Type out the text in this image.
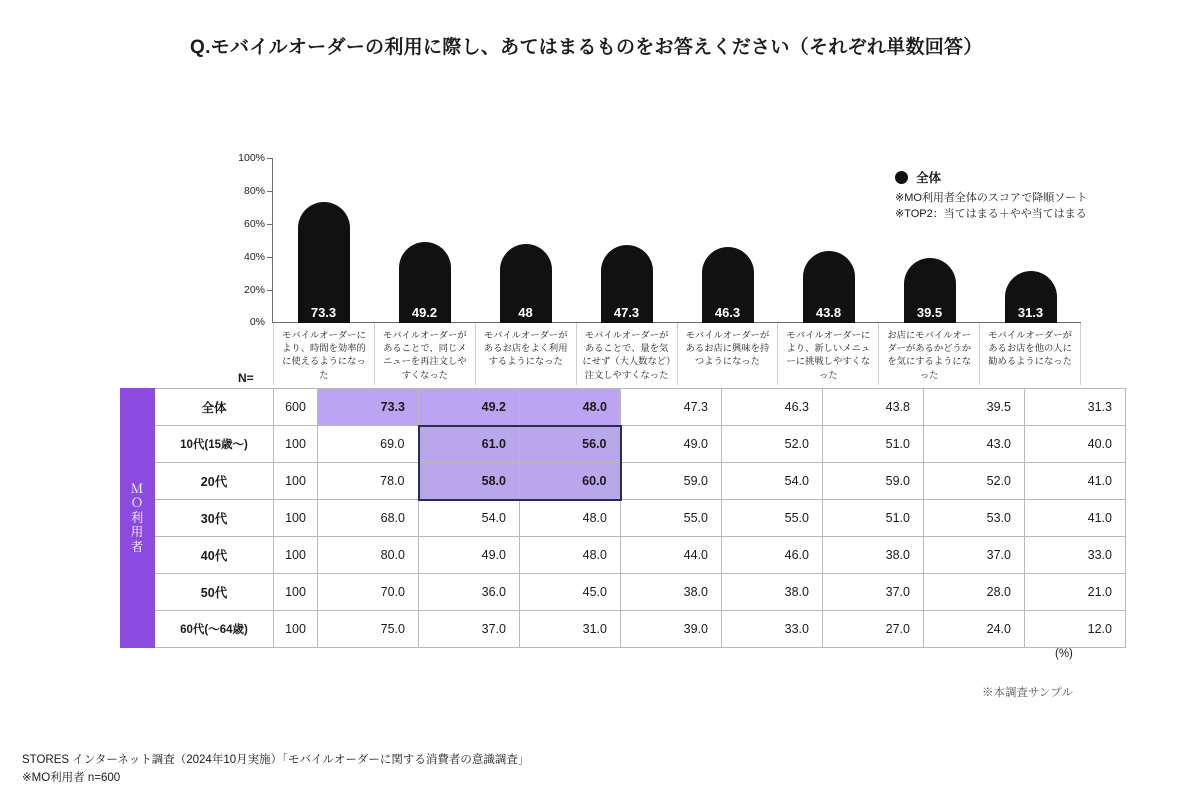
Q.モバイルオーダーの利用に際し、あてはまるものをお答えください（それぞれ単数回答）
100%
80%
60%
40%
20%
0%
73.3	49.2	48	47.3	46.3	43.8	39.5	31.3
全体
※MO利用者全体のスコアで降順ソート
※TOP2：当てはまる＋やや当てはまる
モバイルオーダーにより、時間を効率的に使えるようになった
モバイルオーダーがあることで、同じメニューを再注文しやすくなった
モバイルオーダーがあるお店をよく利用するようになった
モバイルオーダーがあることで、量を気にせず（大人数など）注文しやすくなった
モバイルオーダーがあるお店に興味を持つようになった
モバイルオーダーにより、新しいメニューに挑戦しやすくなった
お店にモバイルオーダーがあるかどうかを気にするようになった
モバイルオーダーがあるお店を他の人に勧めるようになった
N=
Ｍ
Ｏ
利
用
者	全体	600	73.3	49.2	48.0	47.3	46.3	43.8	39.5	31.3
	10代(15歳～)	100	69.0	61.0	56.0	49.0	52.0	51.0	43.0	40.0
	20代	100	78.0	58.0	60.0	59.0	54.0	59.0	52.0	41.0
	30代	100	68.0	54.0	48.0	55.0	55.0	51.0	53.0	41.0
	40代	100	80.0	49.0	48.0	44.0	46.0	38.0	37.0	33.0
	50代	100	70.0	36.0	45.0	38.0	38.0	37.0	28.0	21.0
	60代(～64歳)	100	75.0	37.0	31.0	39.0	33.0	27.0	24.0	12.0
(%)
※本調査サンプル
STORES インターネット調査（2024年10月実施）「モバイルオーダーに関する消費者の意識調査」
※MO利用者 n=600
